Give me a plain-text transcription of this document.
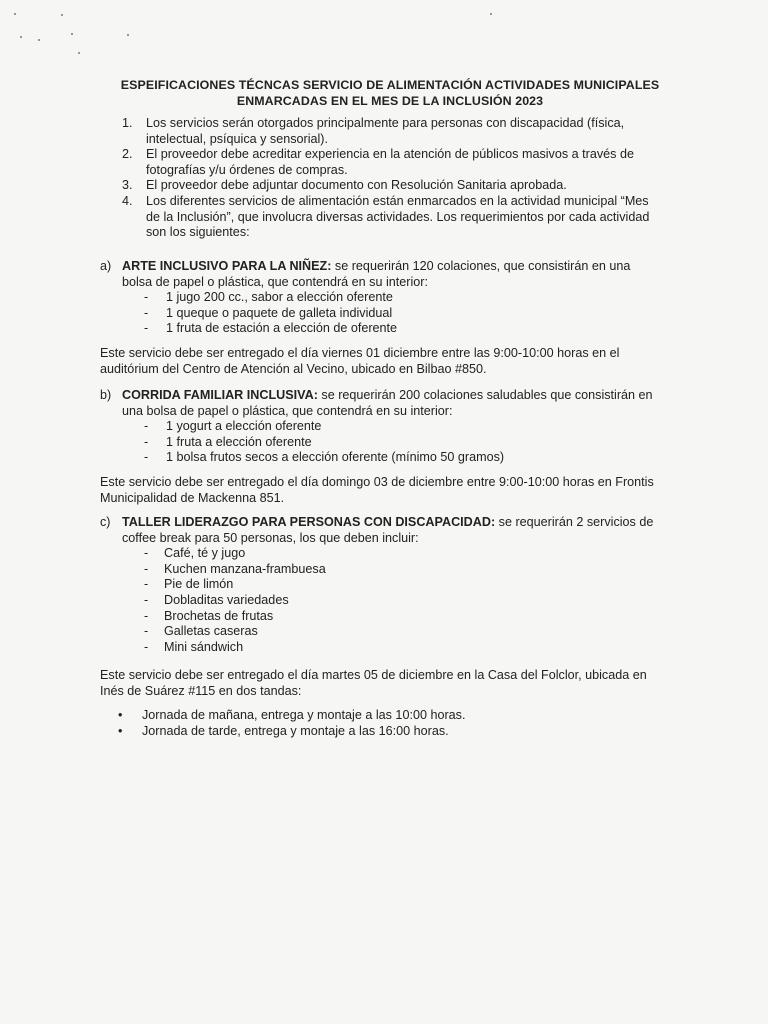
ESPEIFICACIONES TÉCNCAS SERVICIO DE ALIMENTACIÓN ACTIVIDADES MUNICIPALES
ENMARCADAS EN EL MES DE LA INCLUSIÓN 2023
1. Los servicios serán otorgados principalmente para personas con discapacidad (física, intelectual, psíquica y sensorial).
2. El proveedor debe acreditar experiencia en la atención de públicos masivos a través de fotografías y/u órdenes de compras.
3. El proveedor debe adjuntar documento con Resolución Sanitaria aprobada.
4. Los diferentes servicios de alimentación están enmarcados en la actividad municipal “Mes de la Inclusión”, que involucra diversas actividades. Los requerimientos por cada actividad son los siguientes:
a) ARTE INCLUSIVO PARA LA NIÑEZ: se requerirán 120 colaciones, que consistirán en una bolsa de papel o plástica, que contendrá en su interior:
- 1 jugo 200 cc., sabor a elección oferente
- 1 queque o paquete de galleta individual
- 1 fruta de estación a elección de oferente
Este servicio debe ser entregado el día viernes 01 diciembre entre las 9:00-10:00 horas en el auditórium del Centro de Atención al Vecino, ubicado en Bilbao #850.
b) CORRIDA FAMILIAR INCLUSIVA: se requerirán 200 colaciones saludables que consistirán en una bolsa de papel o plástica, que contendrá en su interior:
- 1 yogurt a elección oferente
- 1 fruta a elección oferente
- 1 bolsa frutos secos a elección oferente (mínimo 50 gramos)
Este servicio debe ser entregado el día domingo 03 de diciembre entre 9:00-10:00 horas en Frontis Municipalidad de Mackenna 851.
c) TALLER LIDERAZGO PARA PERSONAS CON DISCAPACIDAD: se requerirán 2 servicios de coffee break para 50 personas, los que deben incluir:
- Café, té y jugo
- Kuchen manzana-frambuesa
- Pie de limón
- Dobladitas variedades
- Brochetas de frutas
- Galletas caseras
- Mini sándwich
Este servicio debe ser entregado el día martes 05 de diciembre en la Casa del Folclor, ubicada en Inés de Suárez #115 en dos tandas:
• Jornada de mañana, entrega y montaje a las 10:00 horas.
• Jornada de tarde, entrega y montaje a las 16:00 horas.
